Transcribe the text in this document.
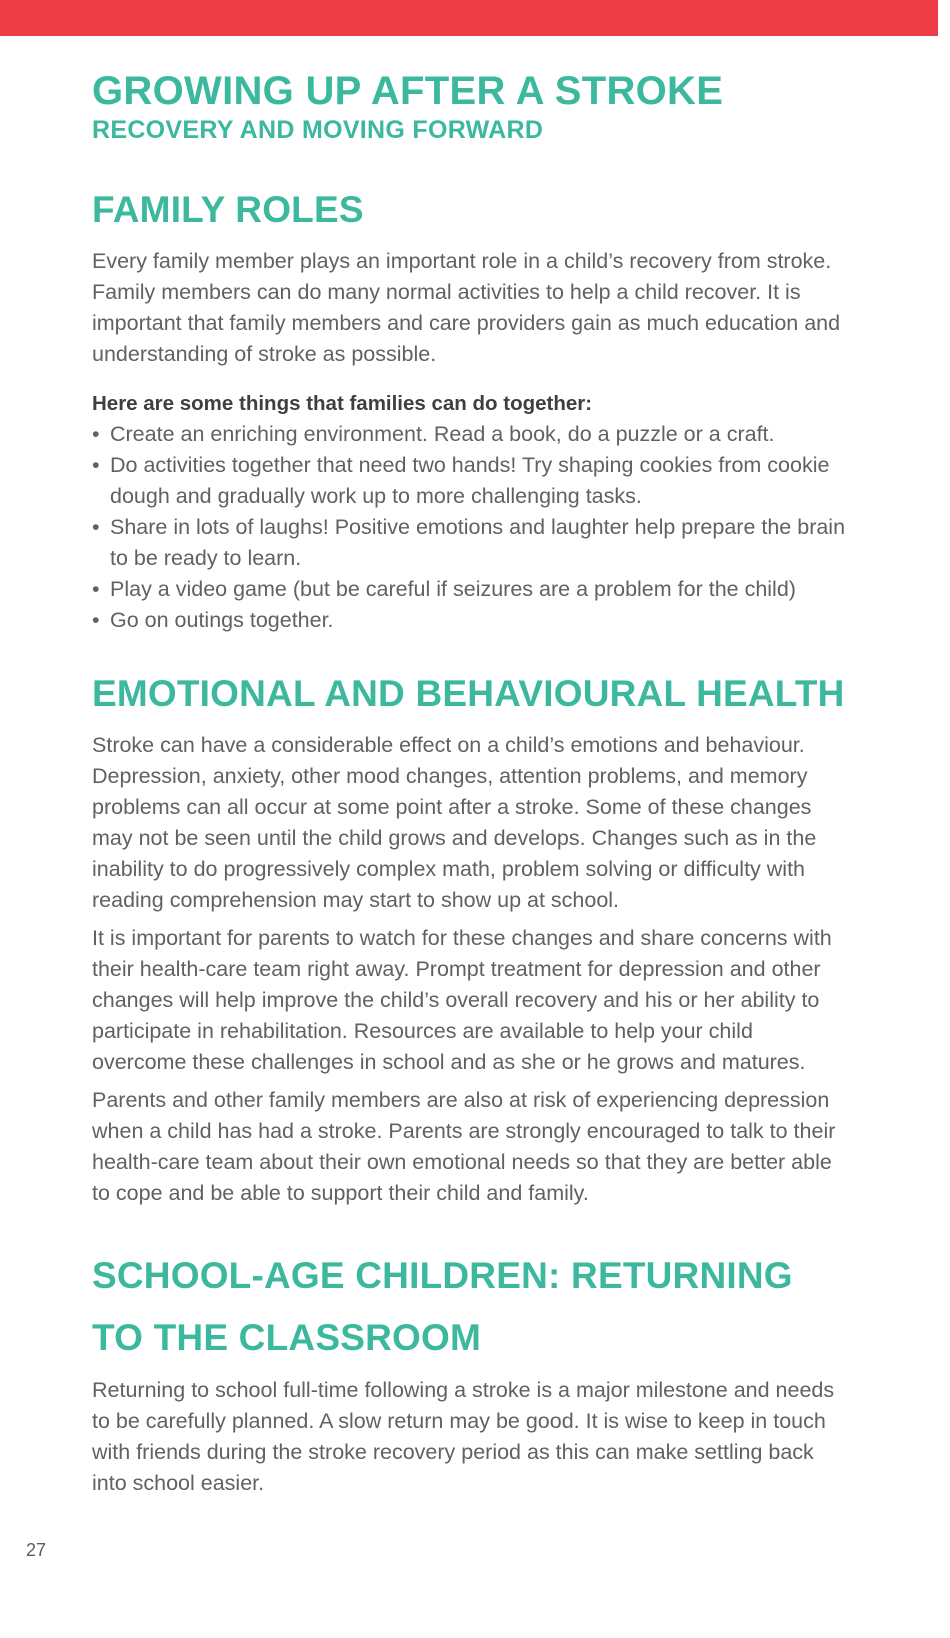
GROWING UP AFTER A STROKE
RECOVERY AND MOVING FORWARD
FAMILY ROLES

Every family member plays an important role in a child’s recovery from stroke. Family members can do many normal activities to help a child recover. It is important that family members and care providers gain as much education and understanding of stroke as possible.

Here are some things that families can do together:
• Create an enriching environment. Read a book, do a puzzle or a craft.
• Do activities together that need two hands! Try shaping cookies from cookie dough and gradually work up to more challenging tasks.
• Share in lots of laughs! Positive emotions and laughter help prepare the brain to be ready to learn.
• Play a video game (but be careful if seizures are a problem for the child)
• Go on outings together.
EMOTIONAL AND BEHAVIOURAL HEALTH

Stroke can have a considerable effect on a child’s emotions and behaviour. Depression, anxiety, other mood changes, attention problems, and memory problems can all occur at some point after a stroke. Some of these changes may not be seen until the child grows and develops. Changes such as in the inability to do progressively complex math, problem solving or difficulty with reading comprehension may start to show up at school.

It is important for parents to watch for these changes and share concerns with their health-care team right away. Prompt treatment for depression and other changes will help improve the child’s overall recovery and his or her ability to participate in rehabilitation. Resources are available to help your child overcome these challenges in school and as she or he grows and matures.

Parents and other family members are also at risk of experiencing depression when a child has had a stroke. Parents are strongly encouraged to talk to their health-care team about their own emotional needs so that they are better able to cope and be able to support their child and family.

SCHOOL-AGE CHILDREN: RETURNING
TO THE CLASSROOM

Returning to school full-time following a stroke is a major milestone and needs to be carefully planned. A slow return may be good. It is wise to keep in touch with friends during the stroke recovery period as this can make settling back into school easier.

27
